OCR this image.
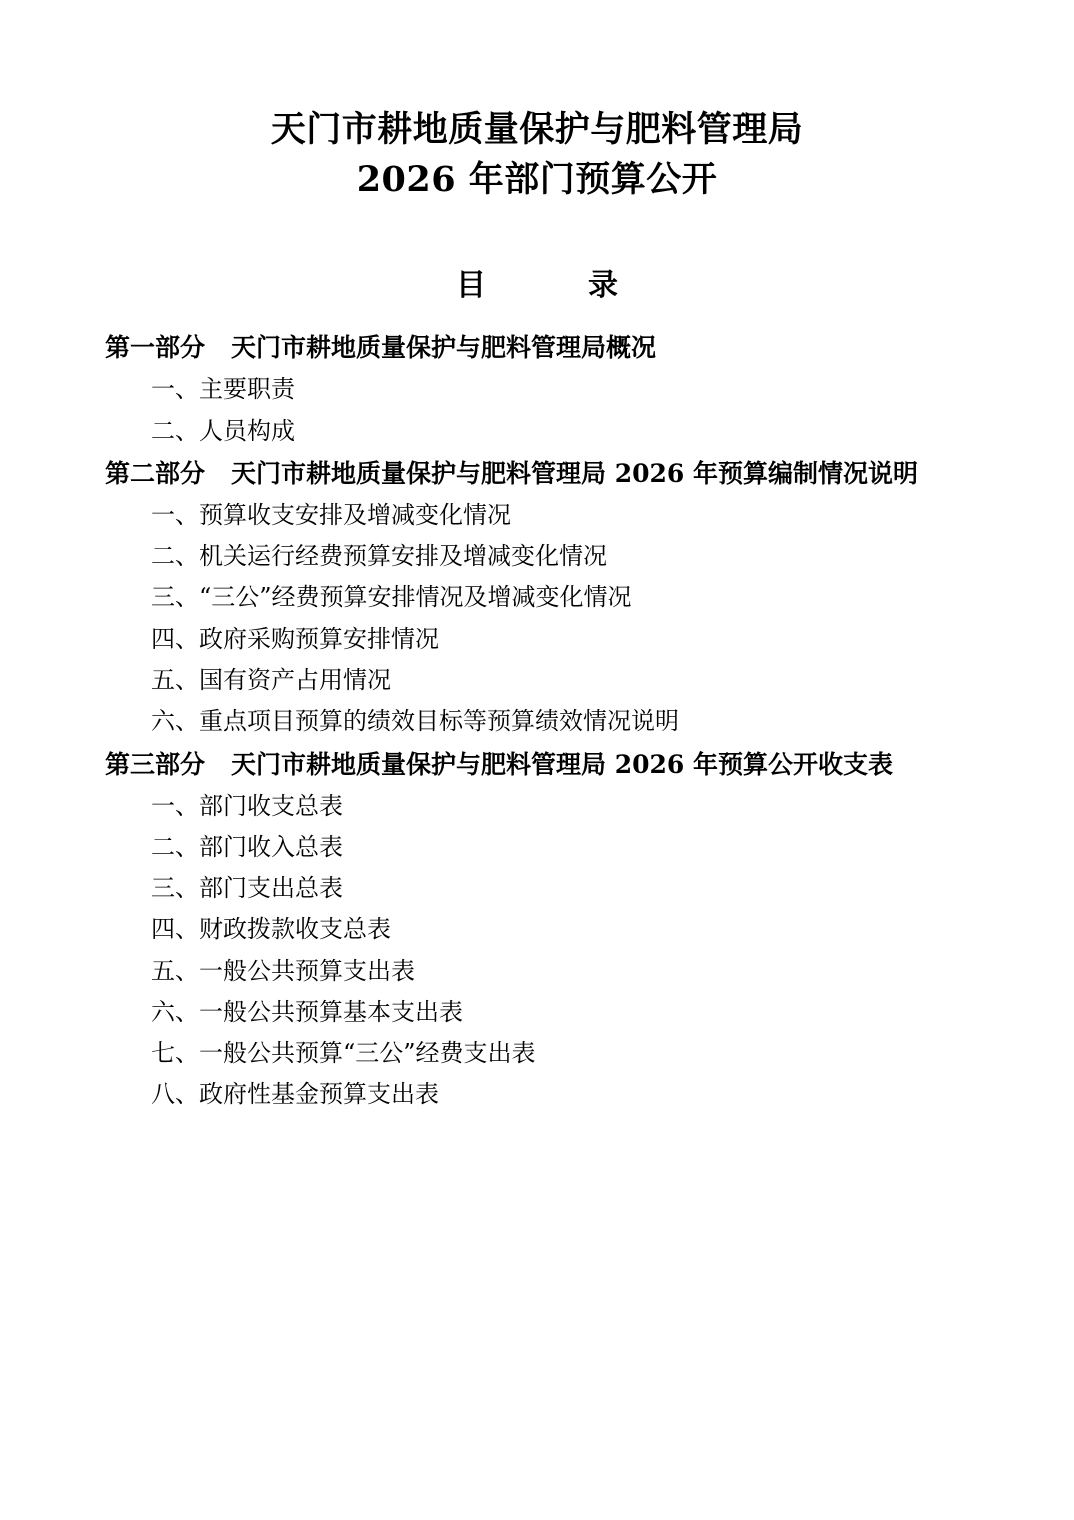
天门市耕地质量保护与肥料管理局
2026 年部门预算公开
目　　录

第一部分 天门市耕地质量保护与肥料管理局概况

一、主要职责

二、人员构成

第二部分 天门市耕地质量保护与肥料管理局 2026 年预算编制情况说明

一、预算收支安排及增减变化情况

二、机关运行经费预算安排及增减变化情况

三、“三公”经费预算安排情况及增减变化情况

四、政府采购预算安排情况

五、国有资产占用情况

六、重点项目预算的绩效目标等预算绩效情况说明

第三部分 天门市耕地质量保护与肥料管理局 2026 年预算公开收支表

一、部门收支总表

二、部门收入总表

三、部门支出总表

四、财政拨款收支总表

五、一般公共预算支出表

六、一般公共预算基本支出表

七、一般公共预算“三公”经费支出表

八、政府性基金预算支出表
